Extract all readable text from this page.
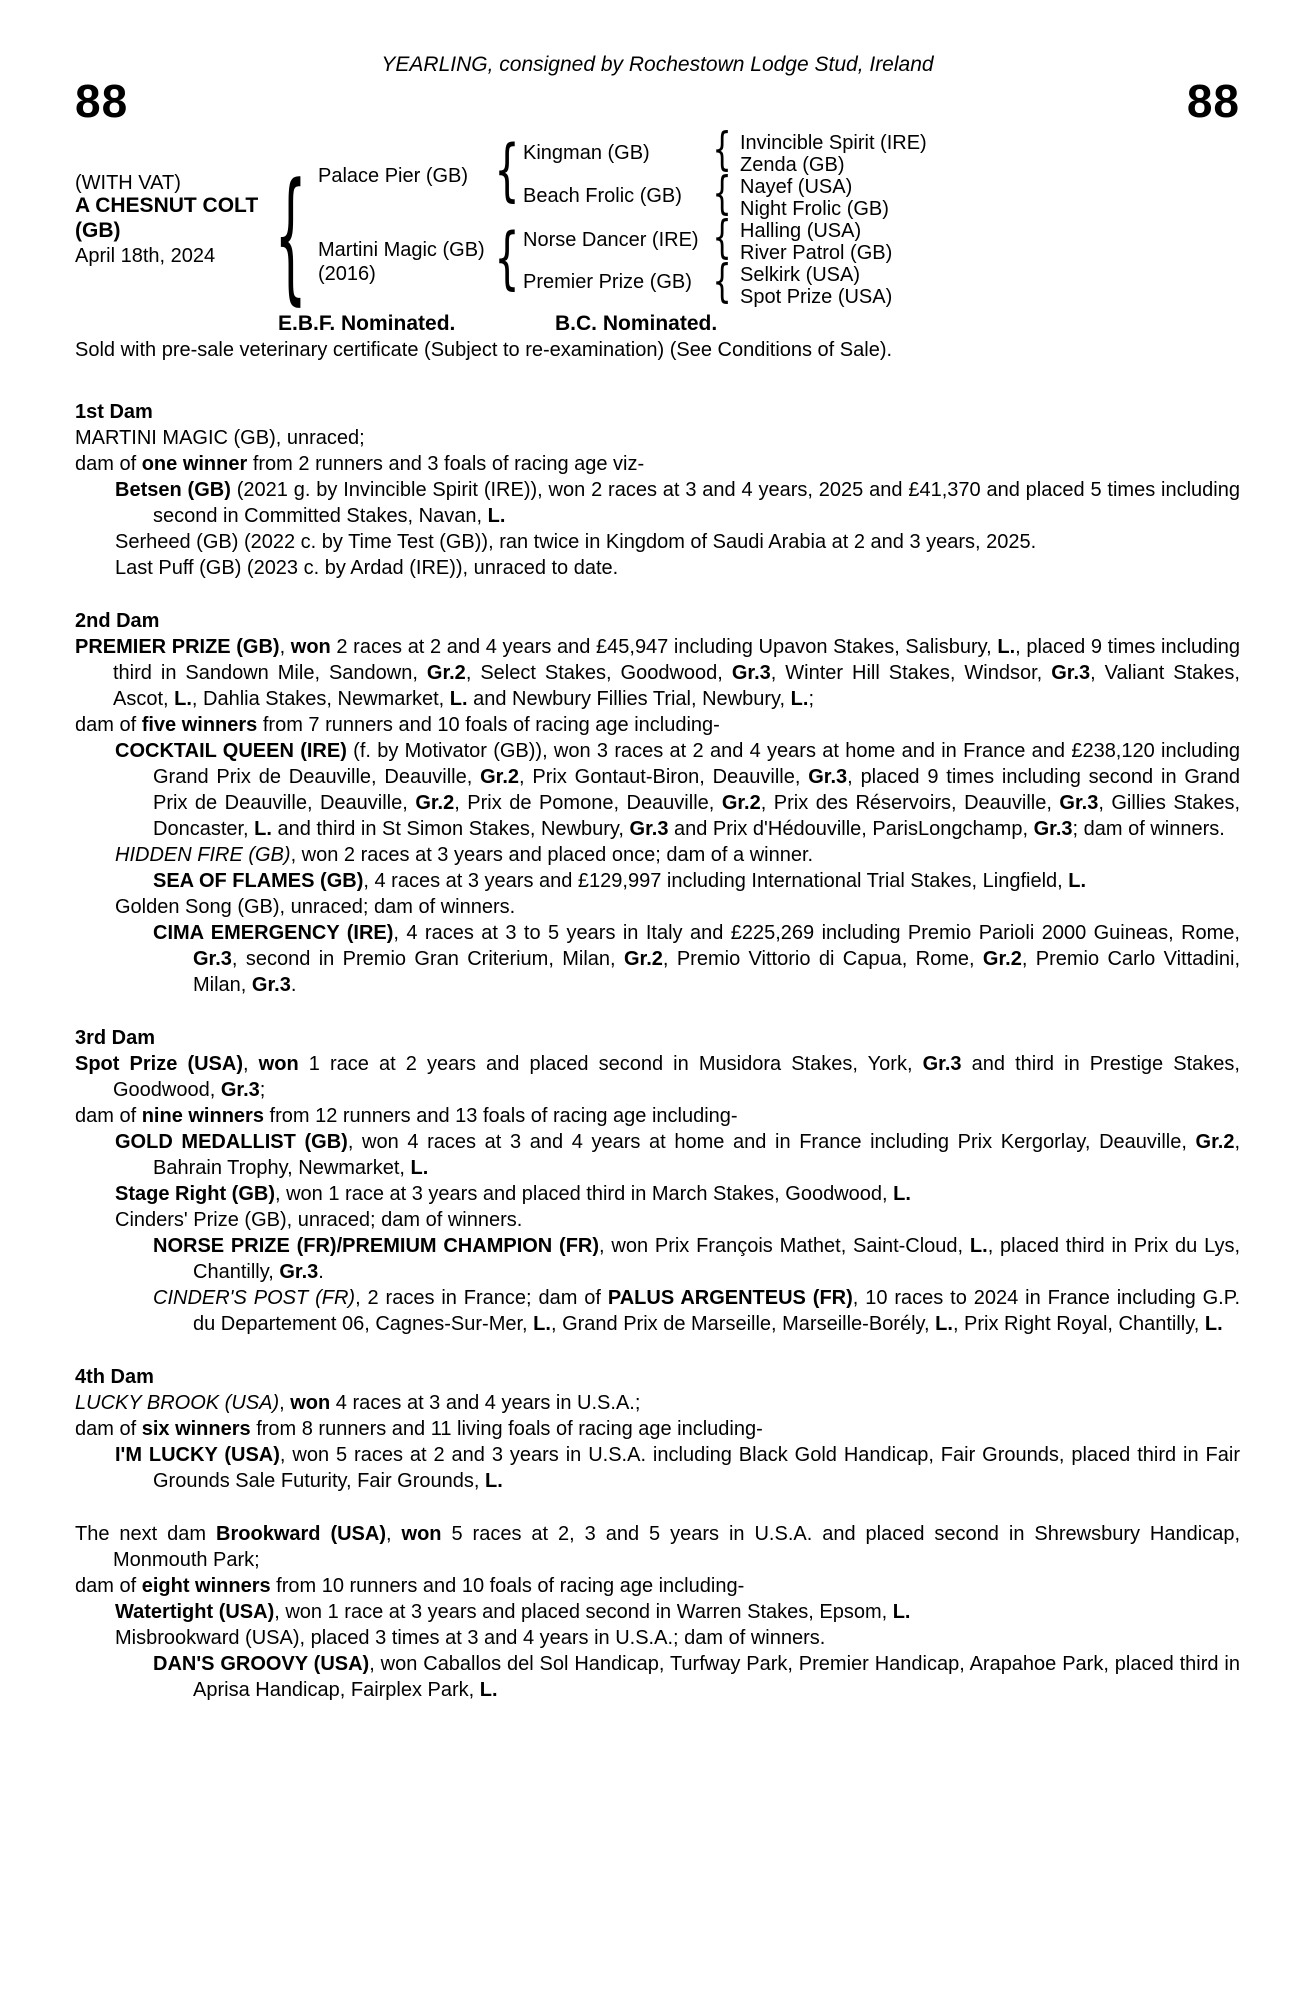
YEARLING, consigned by Rochestown Lodge Stud, Ireland
88	88
(WITH VAT)
A CHESNUT COLT
(GB)
April 18th, 2024
{
Palace Pier (GB)
Martini Magic (GB)
(2016)
{
{
Kingman (GB)
Beach Frolic (GB)
Norse Dancer (IRE)
Premier Prize (GB)
{
{
{
{
Invincible Spirit (IRE)
Zenda (GB)
Nayef (USA)
Night Frolic (GB)
Halling (USA)
River Patrol (GB)
Selkirk (USA)
Spot Prize (USA)
E.B.F. Nominated.	B.C. Nominated.
Sold with pre-sale veterinary certificate (Subject to re-examination) (See Conditions of Sale).
1st Dam
MARTINI MAGIC (GB), unraced;
dam of one winner from 2 runners and 3 foals of racing age viz-
Betsen (GB) (2021 g. by Invincible Spirit (IRE)), won 2 races at 3 and 4 years, 2025 and £41,370 and placed 5 times including second in Committed Stakes, Navan, L.
Serheed (GB) (2022 c. by Time Test (GB)), ran twice in Kingdom of Saudi Arabia at 2 and 3 years, 2025.
Last Puff (GB) (2023 c. by Ardad (IRE)), unraced to date.
2nd Dam
PREMIER PRIZE (GB), won 2 races at 2 and 4 years and £45,947 including Upavon Stakes, Salisbury, L., placed 9 times including third in Sandown Mile, Sandown, Gr.2, Select Stakes, Goodwood, Gr.3, Winter Hill Stakes, Windsor, Gr.3, Valiant Stakes, Ascot, L., Dahlia Stakes, Newmarket, L. and Newbury Fillies Trial, Newbury, L.;
dam of five winners from 7 runners and 10 foals of racing age including-
COCKTAIL QUEEN (IRE) (f. by Motivator (GB)), won 3 races at 2 and 4 years at home and in France and £238,120 including Grand Prix de Deauville, Deauville, Gr.2, Prix Gontaut-Biron, Deauville, Gr.3, placed 9 times including second in Grand Prix de Deauville, Deauville, Gr.2, Prix de Pomone, Deauville, Gr.2, Prix des Réservoirs, Deauville, Gr.3, Gillies Stakes, Doncaster, L. and third in St Simon Stakes, Newbury, Gr.3 and Prix d'Hédouville, ParisLongchamp, Gr.3; dam of winners.
HIDDEN FIRE (GB), won 2 races at 3 years and placed once; dam of a winner.
SEA OF FLAMES (GB), 4 races at 3 years and £129,997 including International Trial Stakes, Lingfield, L.
Golden Song (GB), unraced; dam of winners.
CIMA EMERGENCY (IRE), 4 races at 3 to 5 years in Italy and £225,269 including Premio Parioli 2000 Guineas, Rome, Gr.3, second in Premio Gran Criterium, Milan, Gr.2, Premio Vittorio di Capua, Rome, Gr.2, Premio Carlo Vittadini, Milan, Gr.3.
3rd Dam
Spot Prize (USA), won 1 race at 2 years and placed second in Musidora Stakes, York, Gr.3 and third in Prestige Stakes, Goodwood, Gr.3;
dam of nine winners from 12 runners and 13 foals of racing age including-
GOLD MEDALLIST (GB), won 4 races at 3 and 4 years at home and in France including Prix Kergorlay, Deauville, Gr.2, Bahrain Trophy, Newmarket, L.
Stage Right (GB), won 1 race at 3 years and placed third in March Stakes, Goodwood, L.
Cinders' Prize (GB), unraced; dam of winners.
NORSE PRIZE (FR)/PREMIUM CHAMPION (FR), won Prix François Mathet, Saint-Cloud, L., placed third in Prix du Lys, Chantilly, Gr.3.
CINDER'S POST (FR), 2 races in France; dam of PALUS ARGENTEUS (FR), 10 races to 2024 in France including G.P. du Departement 06, Cagnes-Sur-Mer, L., Grand Prix de Marseille, Marseille-Borély, L., Prix Right Royal, Chantilly, L.
4th Dam
LUCKY BROOK (USA), won 4 races at 3 and 4 years in U.S.A.;
dam of six winners from 8 runners and 11 living foals of racing age including-
I'M LUCKY (USA), won 5 races at 2 and 3 years in U.S.A. including Black Gold Handicap, Fair Grounds, placed third in Fair Grounds Sale Futurity, Fair Grounds, L.
The next dam Brookward (USA), won 5 races at 2, 3 and 5 years in U.S.A. and placed second in Shrewsbury Handicap, Monmouth Park;
dam of eight winners from 10 runners and 10 foals of racing age including-
Watertight (USA), won 1 race at 3 years and placed second in Warren Stakes, Epsom, L.
Misbrookward (USA), placed 3 times at 3 and 4 years in U.S.A.; dam of winners.
DAN'S GROOVY (USA), won Caballos del Sol Handicap, Turfway Park, Premier Handicap, Arapahoe Park, placed third in Aprisa Handicap, Fairplex Park, L.
